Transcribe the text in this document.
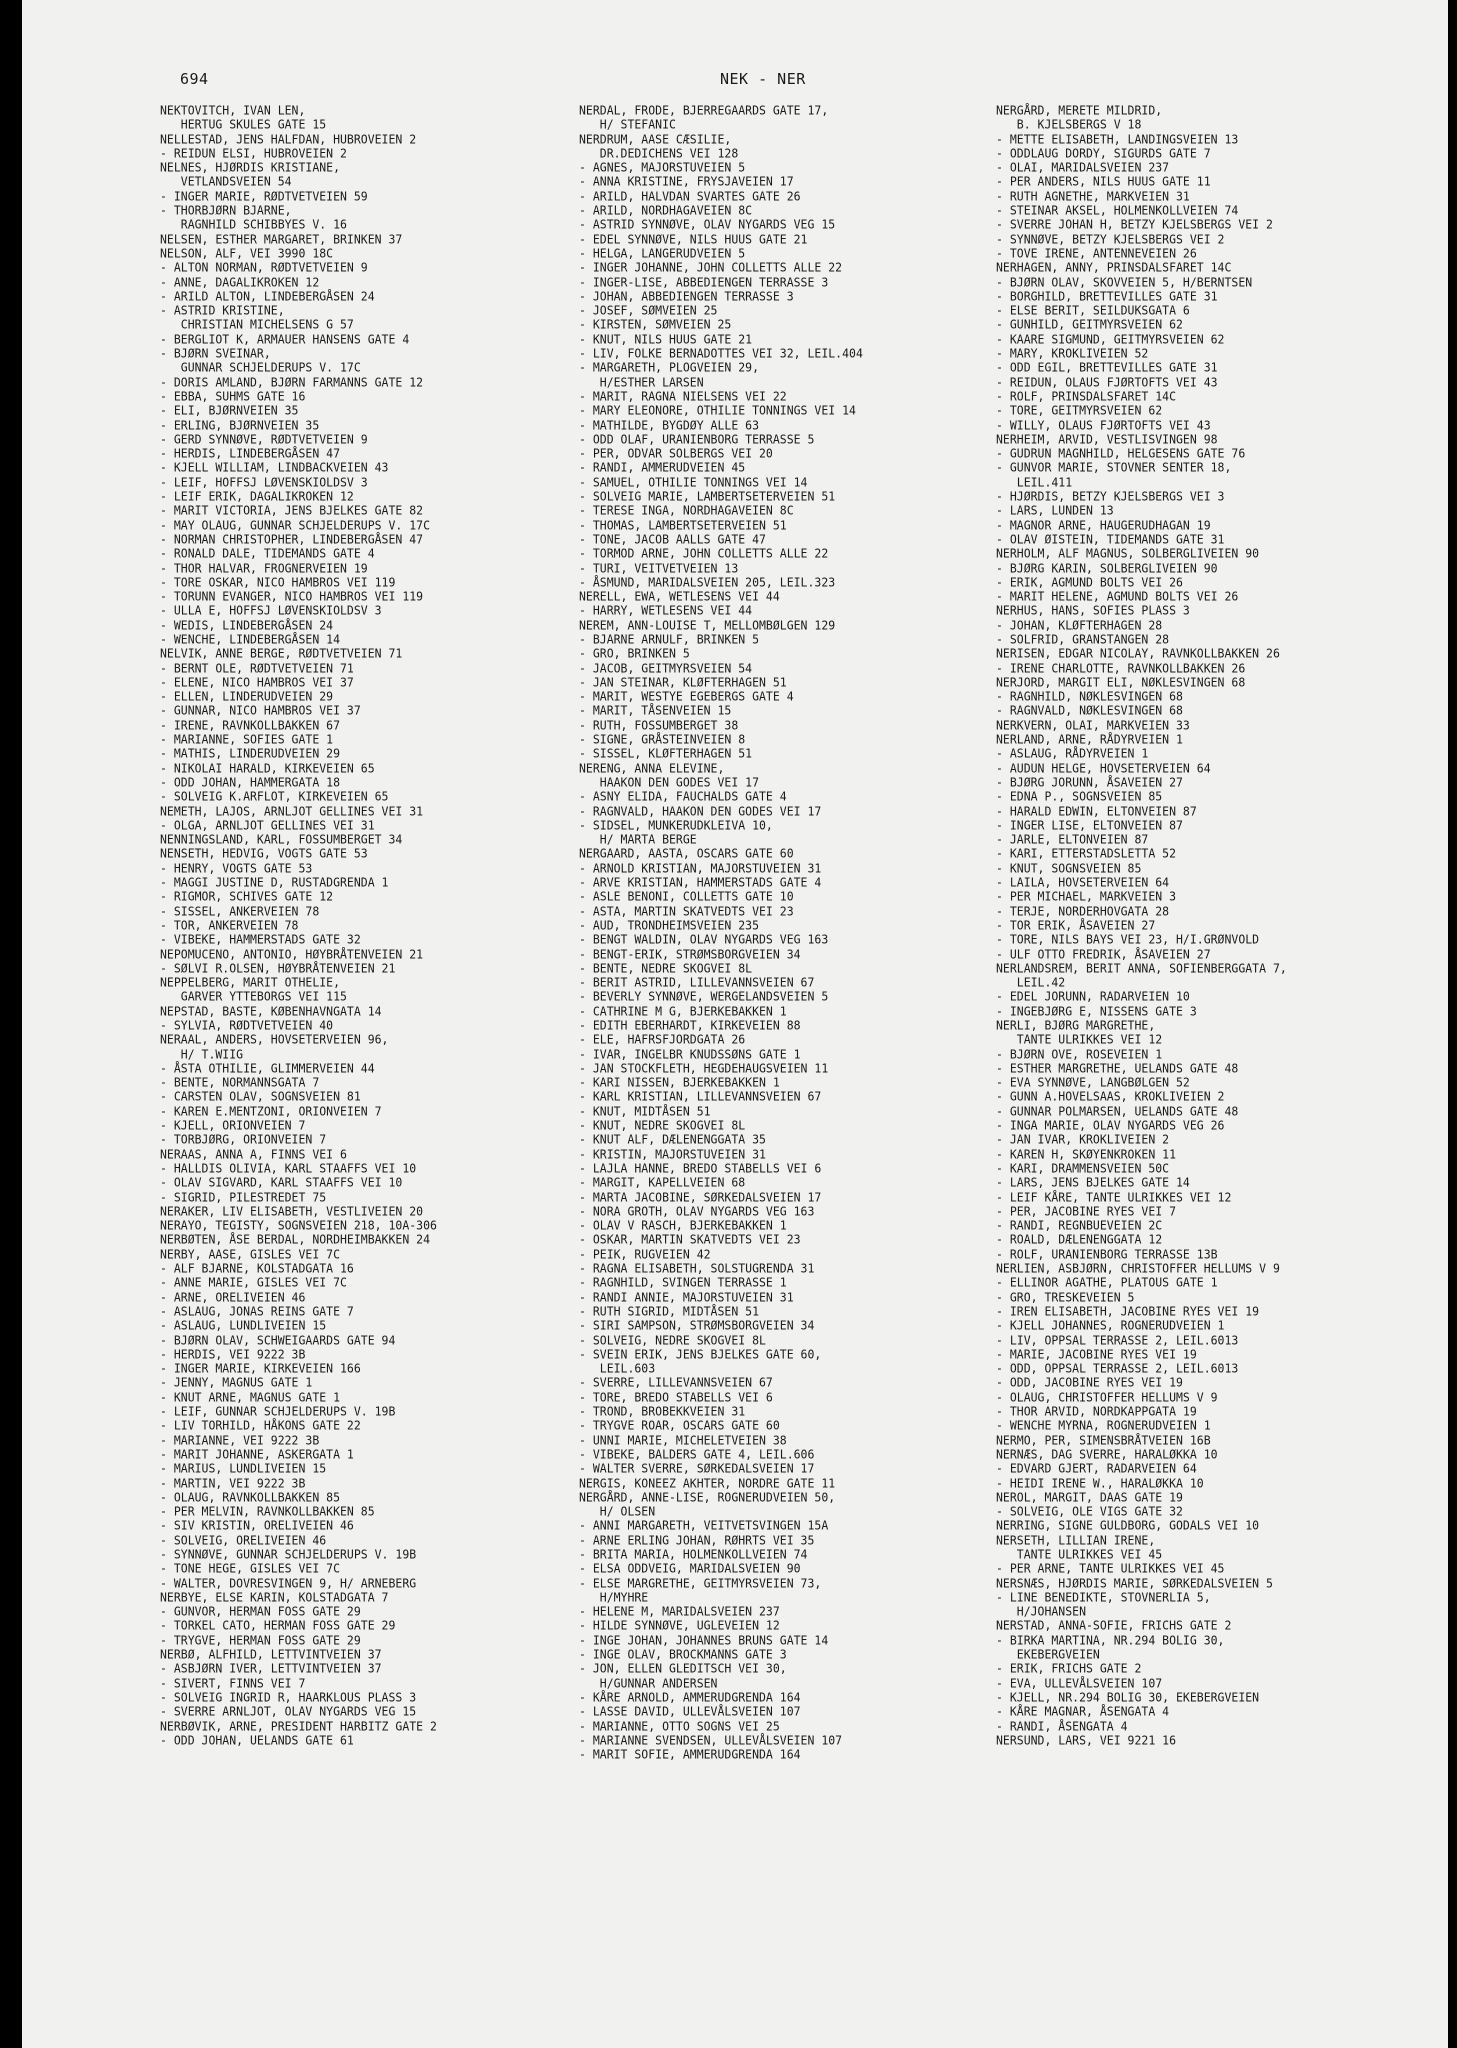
694	NEK - NER
NEKTOVITCH, IVAN LEN,
HERTUG SKULES GATE 15
NELLESTAD, JENS HALFDAN, HUBROVEIEN 2
- REIDUN ELSI, HUBROVEIEN 2
NELNES, HJØRDIS KRISTIANE,
VETLANDSVEIEN 54
- INGER MARIE, RØDTVETVEIEN 59
- THORBJØRN BJARNE,
RAGNHILD SCHIBBYES V. 16
NELSEN, ESTHER MARGARET, BRINKEN 37
NELSON, ALF, VEI 3990 18C
- ALTON NORMAN, RØDTVETVEIEN 9
- ANNE, DAGALIKROKEN 12
- ARILD ALTON, LINDEBERGÅSEN 24
- ASTRID KRISTINE,
CHRISTIAN MICHELSENS G 57
- BERGLIOT K, ARMAUER HANSENS GATE 4
- BJØRN SVEINAR,
GUNNAR SCHJELDERUPS V. 17C
- DORIS AMLAND, BJØRN FARMANNS GATE 12
- EBBA, SUHMS GATE 16
- ELI, BJØRNVEIEN 35
- ERLING, BJØRNVEIEN 35
- GERD SYNNØVE, RØDTVETVEIEN 9
- HERDIS, LINDEBERGÅSEN 47
- KJELL WILLIAM, LINDBACKVEIEN 43
- LEIF, HOFFSJ LØVENSKIOLDSV 3
- LEIF ERIK, DAGALIKROKEN 12
- MARIT VICTORIA, JENS BJELKES GATE 82
- MAY OLAUG, GUNNAR SCHJELDERUPS V. 17C
- NORMAN CHRISTOPHER, LINDEBERGÅSEN 47
- RONALD DALE, TIDEMANDS GATE 4
- THOR HALVAR, FROGNERVEIEN 19
- TORE OSKAR, NICO HAMBROS VEI 119
- TORUNN EVANGER, NICO HAMBROS VEI 119
- ULLA E, HOFFSJ LØVENSKIOLDSV 3
- WEDIS, LINDEBERGÅSEN 24
- WENCHE, LINDEBERGÅSEN 14
NELVIK, ANNE BERGE, RØDTVETVEIEN 71
- BERNT OLE, RØDTVETVEIEN 71
- ELENE, NICO HAMBROS VEI 37
- ELLEN, LINDERUDVEIEN 29
- GUNNAR, NICO HAMBROS VEI 37
- IRENE, RAVNKOLLBAKKEN 67
- MARIANNE, SOFIES GATE 1
- MATHIS, LINDERUDVEIEN 29
- NIKOLAI HARALD, KIRKEVEIEN 65
- ODD JOHAN, HAMMERGATA 18
- SOLVEIG K.ARFLOT, KIRKEVEIEN 65
NEMETH, LAJOS, ARNLJOT GELLINES VEI 31
- OLGA, ARNLJOT GELLINES VEI 31
NENNINGSLAND, KARL, FOSSUMBERGET 34
NENSETH, HEDVIG, VOGTS GATE 53
- HENRY, VOGTS GATE 53
- MAGGI JUSTINE D, RUSTADGRENDA 1
- RIGMOR, SCHIVES GATE 12
- SISSEL, ANKERVEIEN 78
- TOR, ANKERVEIEN 78
- VIBEKE, HAMMERSTADS GATE 32
NEPOMUCENO, ANTONIO, HØYBRÅTENVEIEN 21
- SØLVI R.OLSEN, HØYBRÅTENVEIEN 21
NEPPELBERG, MARIT OTHELIE,
GARVER YTTEBORGS VEI 115
NEPSTAD, BASTE, KØBENHAVNGATA 14
- SYLVIA, RØDTVETVEIEN 40
NERAAL, ANDERS, HOVSETERVEIEN 96,
H/ T.WIIG
- ÅSTA OTHILIE, GLIMMERVEIEN 44
- BENTE, NORMANNSGATA 7
- CARSTEN OLAV, SOGNSVEIEN 81
- KAREN E.MENTZONI, ORIONVEIEN 7
- KJELL, ORIONVEIEN 7
- TORBJØRG, ORIONVEIEN 7
NERAAS, ANNA A, FINNS VEI 6
- HALLDIS OLIVIA, KARL STAAFFS VEI 10
- OLAV SIGVARD, KARL STAAFFS VEI 10
- SIGRID, PILESTREDET 75
NERAKER, LIV ELISABETH, VESTLIVEIEN 20
NERAYO, TEGISTY, SOGNSVEIEN 218, 10A-306
NERBØTEN, ÅSE BERDAL, NORDHEIMBAKKEN 24
NERBY, AASE, GISLES VEI 7C
- ALF BJARNE, KOLSTADGATA 16
- ANNE MARIE, GISLES VEI 7C
- ARNE, ORELIVEIEN 46
- ASLAUG, JONAS REINS GATE 7
- ASLAUG, LUNDLIVEIEN 15
- BJØRN OLAV, SCHWEIGAARDS GATE 94
- HERDIS, VEI 9222 3B
- INGER MARIE, KIRKEVEIEN 166
- JENNY, MAGNUS GATE 1
- KNUT ARNE, MAGNUS GATE 1
- LEIF, GUNNAR SCHJELDERUPS V. 19B
- LIV TORHILD, HÅKONS GATE 22
- MARIANNE, VEI 9222 3B
- MARIT JOHANNE, ASKERGATA 1
- MARIUS, LUNDLIVEIEN 15
- MARTIN, VEI 9222 3B
- OLAUG, RAVNKOLLBAKKEN 85
- PER MELVIN, RAVNKOLLBAKKEN 85
- SIV KRISTIN, ORELIVEIEN 46
- SOLVEIG, ORELIVEIEN 46
- SYNNØVE, GUNNAR SCHJELDERUPS V. 19B
- TONE HEGE, GISLES VEI 7C
- WALTER, DOVRESVINGEN 9, H/ ARNEBERG
NERBYE, ELSE KARIN, KOLSTADGATA 7
- GUNVOR, HERMAN FOSS GATE 29
- TORKEL CATO, HERMAN FOSS GATE 29
- TRYGVE, HERMAN FOSS GATE 29
NERBØ, ALFHILD, LETTVINTVEIEN 37
- ASBJØRN IVER, LETTVINTVEIEN 37
- SIVERT, FINNS VEI 7
- SOLVEIG INGRID R, HAARKLOUS PLASS 3
- SVERRE ARNLJOT, OLAV NYGARDS VEG 15
NERBØVIK, ARNE, PRESIDENT HARBITZ GATE 2
- ODD JOHAN, UELANDS GATE 61
NERDAL, FRODE, BJERREGAARDS GATE 17,
H/ STEFANIC
NERDRUM, AASE CÆSILIE,
DR.DEDICHENS VEI 128
- AGNES, MAJORSTUVEIEN 5
- ANNA KRISTINE, FRYSJAVEIEN 17
- ARILD, HALVDAN SVARTES GATE 26
- ARILD, NORDHAGAVEIEN 8C
- ASTRID SYNNØVE, OLAV NYGARDS VEG 15
- EDEL SYNNØVE, NILS HUUS GATE 21
- HELGA, LANGERUDVEIEN 5
- INGER JOHANNE, JOHN COLLETTS ALLE 22
- INGER-LISE, ABBEDIENGEN TERRASSE 3
- JOHAN, ABBEDIENGEN TERRASSE 3
- JOSEF, SØMVEIEN 25
- KIRSTEN, SØMVEIEN 25
- KNUT, NILS HUUS GATE 21
- LIV, FOLKE BERNADOTTES VEI 32, LEIL.404
- MARGARETH, PLOGVEIEN 29,
H/ESTHER LARSEN
- MARIT, RAGNA NIELSENS VEI 22
- MARY ELEONORE, OTHILIE TONNINGS VEI 14
- MATHILDE, BYGDØY ALLE 63
- ODD OLAF, URANIENBORG TERRASSE 5
- PER, ODVAR SOLBERGS VEI 20
- RANDI, AMMERUDVEIEN 45
- SAMUEL, OTHILIE TONNINGS VEI 14
- SOLVEIG MARIE, LAMBERTSETERVEIEN 51
- TERESE INGA, NORDHAGAVEIEN 8C
- THOMAS, LAMBERTSETERVEIEN 51
- TONE, JACOB AALLS GATE 47
- TORMOD ARNE, JOHN COLLETTS ALLE 22
- TURI, VEITVETVEIEN 13
- ÅSMUND, MARIDALSVEIEN 205, LEIL.323
NERELL, EWA, WETLESENS VEI 44
- HARRY, WETLESENS VEI 44
NEREM, ANN-LOUISE T, MELLOMBØLGEN 129
- BJARNE ARNULF, BRINKEN 5
- GRO, BRINKEN 5
- JACOB, GEITMYRSVEIEN 54
- JAN STEINAR, KLØFTERHAGEN 51
- MARIT, WESTYE EGEBERGS GATE 4
- MARIT, TÅSENVEIEN 15
- RUTH, FOSSUMBERGET 38
- SIGNE, GRÅSTEINVEIEN 8
- SISSEL, KLØFTERHAGEN 51
NERENG, ANNA ELEVINE,
HAAKON DEN GODES VEI 17
- ASNY ELIDA, FAUCHALDS GATE 4
- RAGNVALD, HAAKON DEN GODES VEI 17
- SIDSEL, MUNKERUDKLEIVA 10,
H/ MARTA BERGE
NERGAARD, AASTA, OSCARS GATE 60
- ARNOLD KRISTIAN, MAJORSTUVEIEN 31
- ARVE KRISTIAN, HAMMERSTADS GATE 4
- ASLE BENONI, COLLETTS GATE 10
- ASTA, MARTIN SKATVEDTS VEI 23
- AUD, TRONDHEIMSVEIEN 235
- BENGT WALDIN, OLAV NYGARDS VEG 163
- BENGT-ERIK, STRØMSBORGVEIEN 34
- BENTE, NEDRE SKOGVEI 8L
- BERIT ASTRID, LILLEVANNSVEIEN 67
- BEVERLY SYNNØVE, WERGELANDSVEIEN 5
- CATHRINE M G, BJERKEBAKKEN 1
- EDITH EBERHARDT, KIRKEVEIEN 88
- ELE, HAFRSFJORDGATA 26
- IVAR, INGELBR KNUDSSØNS GATE 1
- JAN STOCKFLETH, HEGDEHAUGSVEIEN 11
- KARI NISSEN, BJERKEBAKKEN 1
- KARL KRISTIAN, LILLEVANNSVEIEN 67
- KNUT, MIDTÅSEN 51
- KNUT, NEDRE SKOGVEI 8L
- KNUT ALF, DÆLENENGGATA 35
- KRISTIN, MAJORSTUVEIEN 31
- LAJLA HANNE, BREDO STABELLS VEI 6
- MARGIT, KAPELLVEIEN 68
- MARTA JACOBINE, SØRKEDALSVEIEN 17
- NORA GROTH, OLAV NYGARDS VEG 163
- OLAV V RASCH, BJERKEBAKKEN 1
- OSKAR, MARTIN SKATVEDTS VEI 23
- PEIK, RUGVEIEN 42
- RAGNA ELISABETH, SOLSTUGRENDA 31
- RAGNHILD, SVINGEN TERRASSE 1
- RANDI ANNIE, MAJORSTUVEIEN 31
- RUTH SIGRID, MIDTÅSEN 51
- SIRI SAMPSON, STRØMSBORGVEIEN 34
- SOLVEIG, NEDRE SKOGVEI 8L
- SVEIN ERIK, JENS BJELKES GATE 60,
LEIL.603
- SVERRE, LILLEVANNSVEIEN 67
- TORE, BREDO STABELLS VEI 6
- TROND, BROBEKKVEIEN 31
- TRYGVE ROAR, OSCARS GATE 60
- UNNI MARIE, MICHELETVEIEN 38
- VIBEKE, BALDERS GATE 4, LEIL.606
- WALTER SVERRE, SØRKEDALSVEIEN 17
NERGIS, KONEEZ AKHTER, NORDRE GATE 11
NERGÅRD, ANNE-LISE, ROGNERUDVEIEN 50,
H/ OLSEN
- ANNI MARGARETH, VEITVETSVINGEN 15A
- ARNE ERLING JOHAN, RØHRTS VEI 35
- BRITA MARIA, HOLMENKOLLVEIEN 74
- ELSA ODDVEIG, MARIDALSVEIEN 90
- ELSE MARGRETHE, GEITMYRSVEIEN 73,
H/MYHRE
- HELENE M, MARIDALSVEIEN 237
- HILDE SYNNØVE, UGLEVEIEN 12
- INGE JOHAN, JOHANNES BRUNS GATE 14
- INGE OLAV, BROCKMANNS GATE 3
- JON, ELLEN GLEDITSCH VEI 30,
H/GUNNAR ANDERSEN
- KÅRE ARNOLD, AMMERUDGRENDA 164
- LASSE DAVID, ULLEVÅLSVEIEN 107
- MARIANNE, OTTO SOGNS VEI 25
- MARIANNE SVENDSEN, ULLEVÅLSVEIEN 107
- MARIT SOFIE, AMMERUDGRENDA 164
NERGÅRD, MERETE MILDRID,
B. KJELSBERGS V 18
- METTE ELISABETH, LANDINGSVEIEN 13
- ODDLAUG DORDY, SIGURDS GATE 7
- OLAI, MARIDALSVEIEN 237
- PER ANDERS, NILS HUUS GATE 11
- RUTH AGNETHE, MARKVEIEN 31
- STEINAR AKSEL, HOLMENKOLLVEIEN 74
- SVERRE JOHAN H, BETZY KJELSBERGS VEI 2
- SYNNØVE, BETZY KJELSBERGS VEI 2
- TOVE IRENE, ANTENNEVEIEN 26
NERHAGEN, ANNY, PRINSDALSFARET 14C
- BJØRN OLAV, SKOVVEIEN 5, H/BERNTSEN
- BORGHILD, BRETTEVILLES GATE 31
- ELSE BERIT, SEILDUKSGATA 6
- GUNHILD, GEITMYRSVEIEN 62
- KAARE SIGMUND, GEITMYRSVEIEN 62
- MARY, KROKLIVEIEN 52
- ODD EGIL, BRETTEVILLES GATE 31
- REIDUN, OLAUS FJØRTOFTS VEI 43
- ROLF, PRINSDALSFARET 14C
- TORE, GEITMYRSVEIEN 62
- WILLY, OLAUS FJØRTOFTS VEI 43
NERHEIM, ARVID, VESTLISVINGEN 98
- GUDRUN MAGNHILD, HELGESENS GATE 76
- GUNVOR MARIE, STOVNER SENTER 18,
LEIL.411
- HJØRDIS, BETZY KJELSBERGS VEI 3
- LARS, LUNDEN 13
- MAGNOR ARNE, HAUGERUDHAGAN 19
- OLAV ØISTEIN, TIDEMANDS GATE 31
NERHOLM, ALF MAGNUS, SOLBERGLIVEIEN 90
- BJØRG KARIN, SOLBERGLIVEIEN 90
- ERIK, AGMUND BOLTS VEI 26
- MARIT HELENE, AGMUND BOLTS VEI 26
NERHUS, HANS, SOFIES PLASS 3
- JOHAN, KLØFTERHAGEN 28
- SOLFRID, GRANSTANGEN 28
NERISEN, EDGAR NICOLAY, RAVNKOLLBAKKEN 26
- IRENE CHARLOTTE, RAVNKOLLBAKKEN 26
NERJORD, MARGIT ELI, NØKLESVINGEN 68
- RAGNHILD, NØKLESVINGEN 68
- RAGNVALD, NØKLESVINGEN 68
NERKVERN, OLAI, MARKVEIEN 33
NERLAND, ARNE, RÅDYRVEIEN 1
- ASLAUG, RÅDYRVEIEN 1
- AUDUN HELGE, HOVSETERVEIEN 64
- BJØRG JORUNN, ÅSAVEIEN 27
- EDNA P., SOGNSVEIEN 85
- HARALD EDWIN, ELTONVEIEN 87
- INGER LISE, ELTONVEIEN 87
- JARLE, ELTONVEIEN 87
- KARI, ETTERSTADSLETTA 52
- KNUT, SOGNSVEIEN 85
- LAILA, HOVSETERVEIEN 64
- PER MICHAEL, MARKVEIEN 3
- TERJE, NORDERHOVGATA 28
- TOR ERIK, ÅSAVEIEN 27
- TORE, NILS BAYS VEI 23, H/I.GRØNVOLD
- ULF OTTO FREDRIK, ÅSAVEIEN 27
NERLANDSREM, BERIT ANNA, SOFIENBERGGATA 7,
LEIL.42
- EDEL JORUNN, RADARVEIEN 10
- INGEBJØRG E, NISSENS GATE 3
NERLI, BJØRG MARGRETHE,
TANTE ULRIKKES VEI 12
- BJØRN OVE, ROSEVEIEN 1
- ESTHER MARGRETHE, UELANDS GATE 48
- EVA SYNNØVE, LANGBØLGEN 52
- GUNN A.HOVELSAAS, KROKLIVEIEN 2
- GUNNAR POLMARSEN, UELANDS GATE 48
- INGA MARIE, OLAV NYGARDS VEG 26
- JAN IVAR, KROKLIVEIEN 2
- KAREN H, SKØYENKROKEN 11
- KARI, DRAMMENSVEIEN 50C
- LARS, JENS BJELKES GATE 14
- LEIF KÅRE, TANTE ULRIKKES VEI 12
- PER, JACOBINE RYES VEI 7
- RANDI, REGNBUEVEIEN 2C
- ROALD, DÆLENENGGATA 12
- ROLF, URANIENBORG TERRASSE 13B
NERLIEN, ASBJØRN, CHRISTOFFER HELLUMS V 9
- ELLINOR AGATHE, PLATOUS GATE 1
- GRO, TRESKEVEIEN 5
- IREN ELISABETH, JACOBINE RYES VEI 19
- KJELL JOHANNES, ROGNERUDVEIEN 1
- LIV, OPPSAL TERRASSE 2, LEIL.6013
- MARIE, JACOBINE RYES VEI 19
- ODD, OPPSAL TERRASSE 2, LEIL.6013
- ODD, JACOBINE RYES VEI 19
- OLAUG, CHRISTOFFER HELLUMS V 9
- THOR ARVID, NORDKAPPGATA 19
- WENCHE MYRNA, ROGNERUDVEIEN 1
NERMO, PER, SIMENSBRÅTVEIEN 16B
NERNÆS, DAG SVERRE, HARALØKKA 10
- EDVARD GJERT, RADARVEIEN 64
- HEIDI IRENE W., HARALØKKA 10
NEROL, MARGIT, DAAS GATE 19
- SOLVEIG, OLE VIGS GATE 32
NERRING, SIGNE GULDBORG, GODALS VEI 10
NERSETH, LILLIAN IRENE,
TANTE ULRIKKES VEI 45
- PER ARNE, TANTE ULRIKKES VEI 45
NERSNÆS, HJØRDIS MARIE, SØRKEDALSVEIEN 5
- LINE BENEDIKTE, STOVNERLIA 5,
H/JOHANSEN
NERSTAD, ANNA-SOFIE, FRICHS GATE 2
- BIRKA MARTINA, NR.294 BOLIG 30,
EKEBERGVEIEN
- ERIK, FRICHS GATE 2
- EVA, ULLEVÅLSVEIEN 107
- KJELL, NR.294 BOLIG 30, EKEBERGVEIEN
- KÅRE MAGNAR, ÅSENGATA 4
- RANDI, ÅSENGATA 4
NERSUND, LARS, VEI 9221 16
